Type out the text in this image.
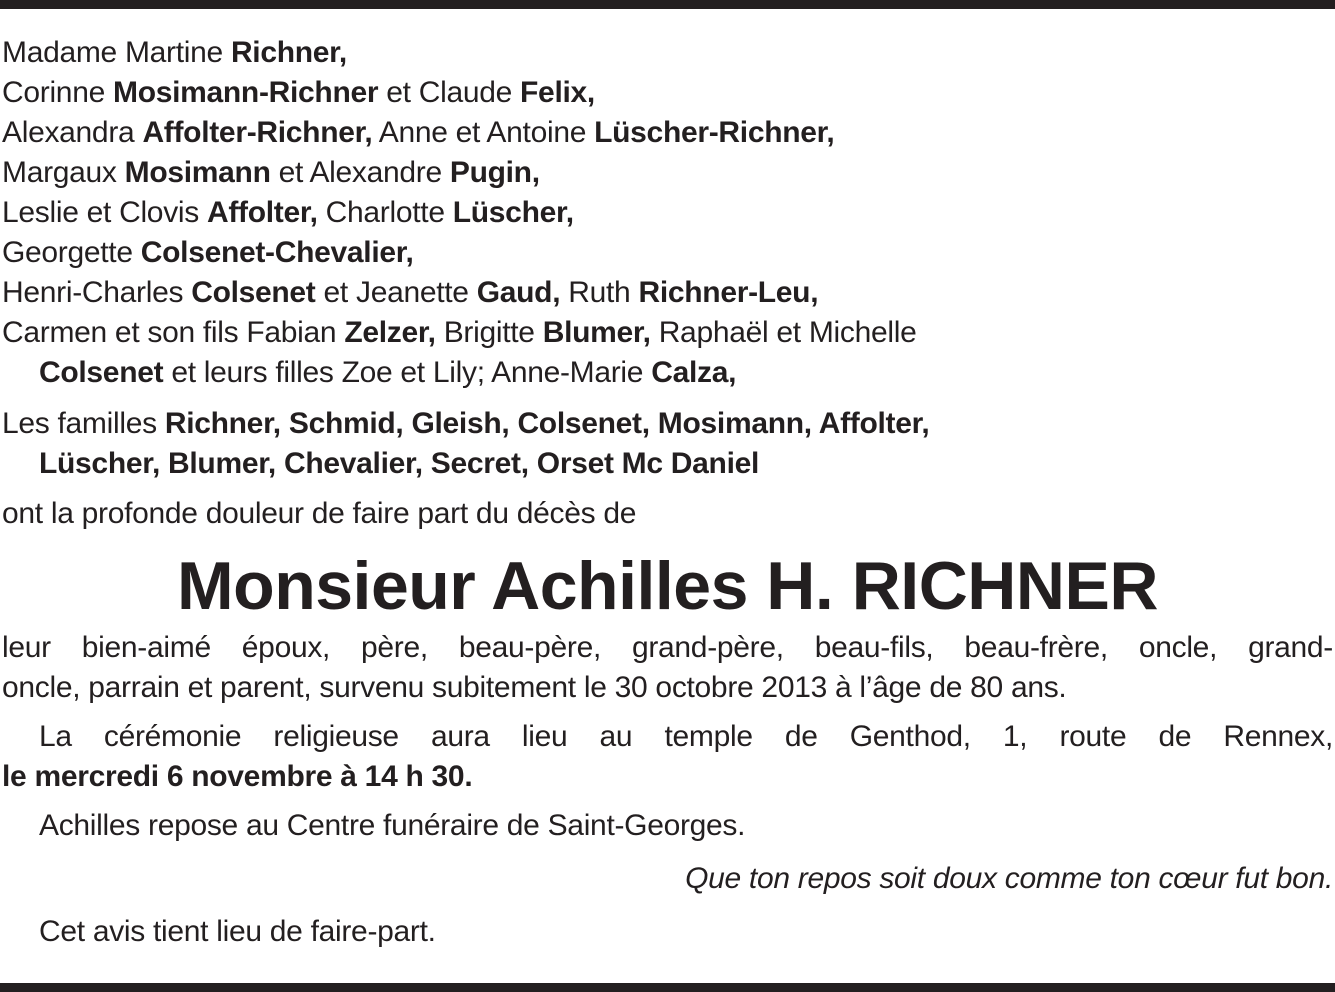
Madame Martine Richner,
Corinne Mosimann-Richner et Claude Felix,
Alexandra Affolter-Richner, Anne et Antoine Lüscher-Richner,
Margaux Mosimann et Alexandre Pugin,
Leslie et Clovis Affolter, Charlotte Lüscher,
Georgette Colsenet-Chevalier,
Henri-Charles Colsenet et Jeanette Gaud, Ruth Richner-Leu,
Carmen et son fils Fabian Zelzer, Brigitte Blumer, Raphaël et Michelle
Colsenet et leurs filles Zoe et Lily; Anne-Marie Calza,
Les familles Richner, Schmid, Gleish, Colsenet, Mosimann, Affolter,
Lüscher, Blumer, Chevalier, Secret, Orset Mc Daniel
ont la profonde douleur de faire part du décès de
Monsieur Achilles H. RICHNER
leur bien-aimé époux, père, beau-père, grand-père, beau-fils, beau-frère, oncle, grand-
oncle, parrain et parent, survenu subitement le 30 octobre 2013 à l’âge de 80 ans.
La cérémonie religieuse aura lieu au temple de Genthod, 1, route de Rennex,
le mercredi 6 novembre à 14 h 30.
Achilles repose au Centre funéraire de Saint-Georges.
Que ton repos soit doux comme ton cœur fut bon.
Cet avis tient lieu de faire-part.
